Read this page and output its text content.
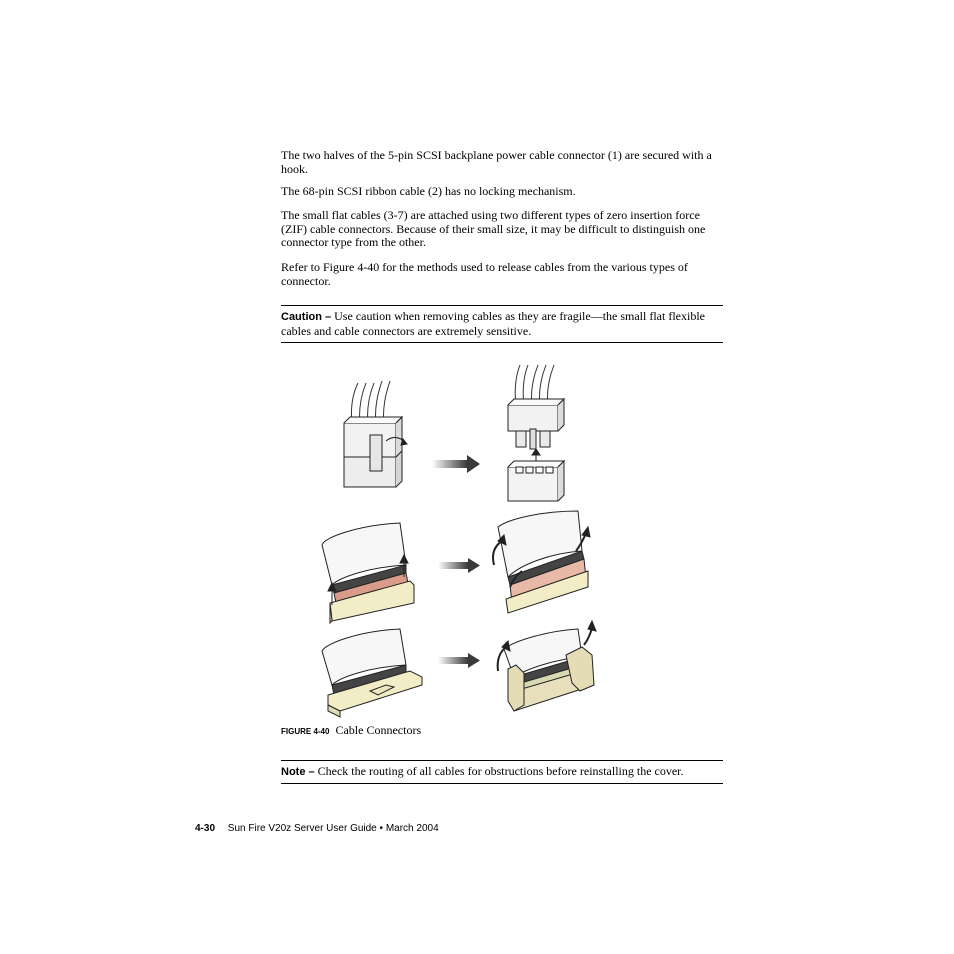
The two halves of the 5-pin SCSI backplane power cable connector (1) are secured with a hook.

The 68-pin SCSI ribbon cable (2) has no locking mechanism.

The small flat cables (3-7) are attached using two different types of zero insertion force (ZIF) cable connectors. Because of their small size, it may be difficult to distinguish one connector type from the other.

Refer to Figure 4-40 for the methods used to release cables from the various types of connector.

Caution – Use caution when removing cables as they are fragile—the small flat flexible cables and cable connectors are extremely sensitive.

FIGURE 4-40 Cable Connectors

Note – Check the routing of all cables for obstructions before reinstalling the cover.

4-30 Sun Fire V20z Server User Guide • March 2004
